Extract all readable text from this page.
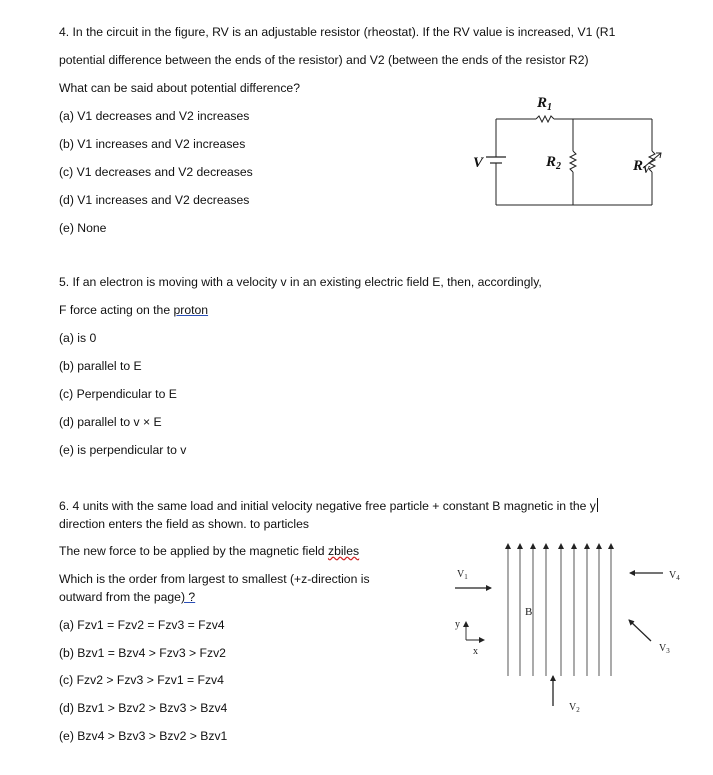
4. In the circuit in the figure, RV is an adjustable resistor (rheostat). If the RV value is increased, V1 (R1
potential difference between the ends of the resistor) and V2 (between the ends of the resistor R2)
What can be said about potential difference?
(a) V1 decreases and V2 increases
(b) V1 increases and V2 increases
(c) V1 decreases and V2 decreases
(d) V1 increases and V2 decreases
(e) None
$R_1$
$R_2$	$R_V$
V
5. If an electron is moving with a velocity v in an existing electric field E, then, accordingly,
F force acting on the proton
(a) is 0
(b) parallel to E
(c) Perpendicular to E
(d) parallel to v × E
(e) is perpendicular to v
6. 4 units with the same load and initial velocity negative free particle + constant B magnetic in the y
direction enters the field as shown. to particles
The new force to be applied by the magnetic field zbiles
Which is the order from largest to smallest (+z-direction is
outward from the page) ?
(a) Fzv1 = Fzv2 = Fzv3 = Fzv4
(b) Bzv1 = Bzv4 > Fzv3 > Fzv2
(c) Fzv2 > Fzv3 > Fzv1 = Fzv4
(d) Bzv1 > Bzv2 > Bzv3 > Bzv4
(e) Bzv4 > Bzv3 > Bzv2 > Bzv1
$V_1$
$V_2$
$V_3$
$V_4$
B
y
x
